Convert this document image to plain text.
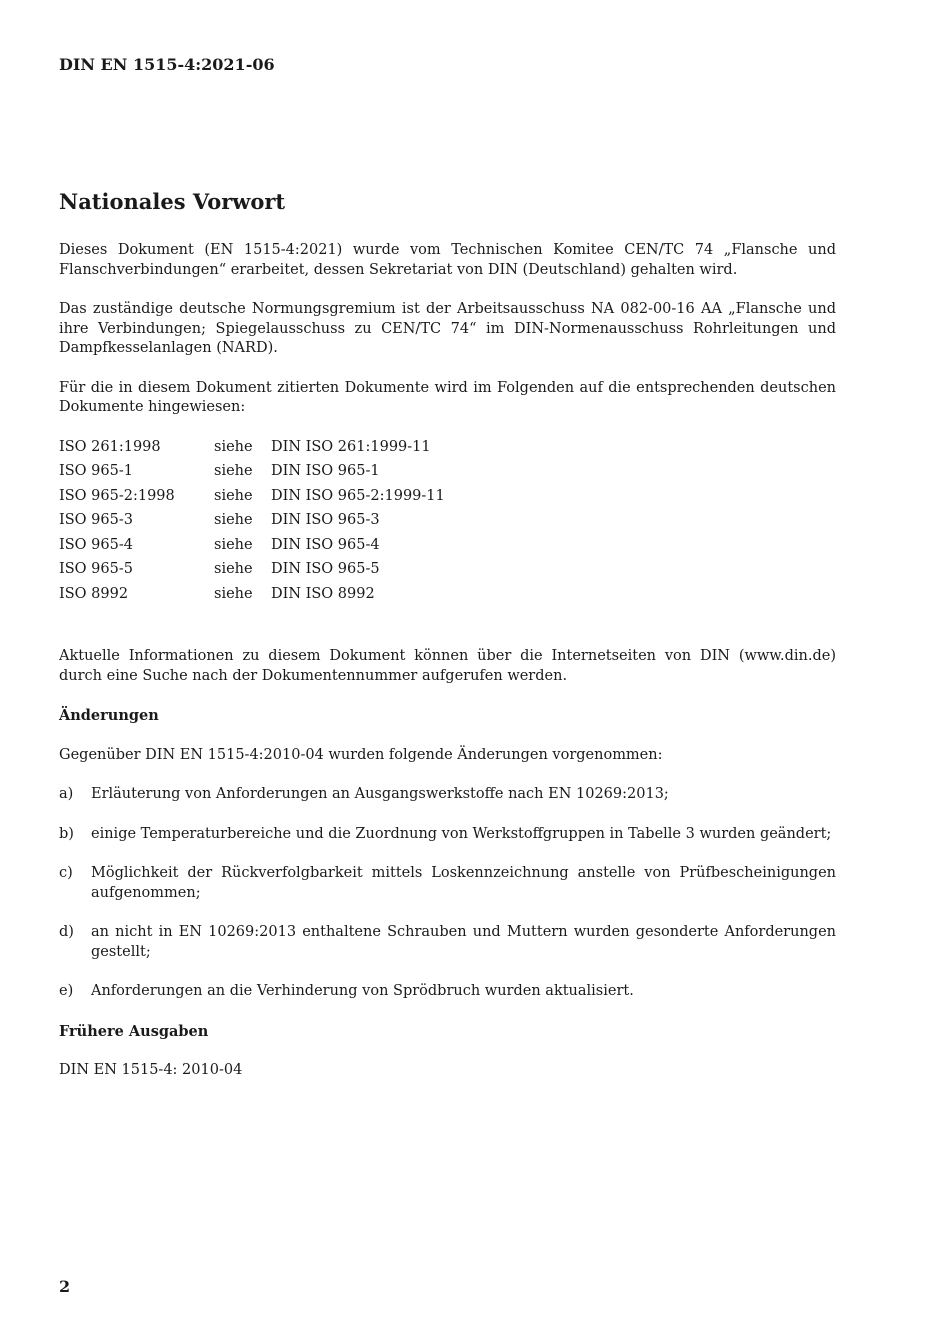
DIN EN 1515-4:2021-06
Nationales Vorwort

Dieses Dokument (EN 1515-4:2021) wurde vom Technischen Komitee CEN/TC 74 „Flansche und Flanschverbindungen“ erarbeitet, dessen Sekretariat von DIN (Deutschland) gehalten wird.

Das zuständige deutsche Normungsgremium ist der Arbeitsausschuss NA 082-00-16 AA „Flansche und ihre Verbindungen; Spiegelausschuss zu CEN/TC 74“ im DIN-Normenausschuss Rohrleitungen und Dampfkesselanlagen (NARD).

Für die in diesem Dokument zitierten Dokumente wird im Folgenden auf die entsprechenden deutschen Dokumente hingewiesen:

ISO 261:1998	siehe	DIN ISO 261:1999-11
ISO 965-1	siehe	DIN ISO 965-1
ISO 965-2:1998	siehe	DIN ISO 965-2:1999-11
ISO 965-3	siehe	DIN ISO 965-3
ISO 965-4	siehe	DIN ISO 965-4
ISO 965-5	siehe	DIN ISO 965-5
ISO 8992	siehe	DIN ISO 8992

Aktuelle Informationen zu diesem Dokument können über die Internetseiten von DIN (www.din.de) durch eine Suche nach der Dokumentennummer aufgerufen werden.

Änderungen

Gegenüber DIN EN 1515-4:2010-04 wurden folgende Änderungen vorgenommen:

a) Erläuterung von Anforderungen an Ausgangswerkstoffe nach EN 10269:2013;
b) einige Temperaturbereiche und die Zuordnung von Werkstoffgruppen in Tabelle 3 wurden geändert;
c) Möglichkeit der Rückverfolgbarkeit mittels Loskennzeichnung anstelle von Prüfbescheinigungen aufgenommen;
d) an nicht in EN 10269:2013 enthaltene Schrauben und Muttern wurden gesonderte Anforderungen gestellt;
e) Anforderungen an die Verhinderung von Sprödbruch wurden aktualisiert.
Frühere Ausgaben

DIN EN 1515-4: 2010-04

2
